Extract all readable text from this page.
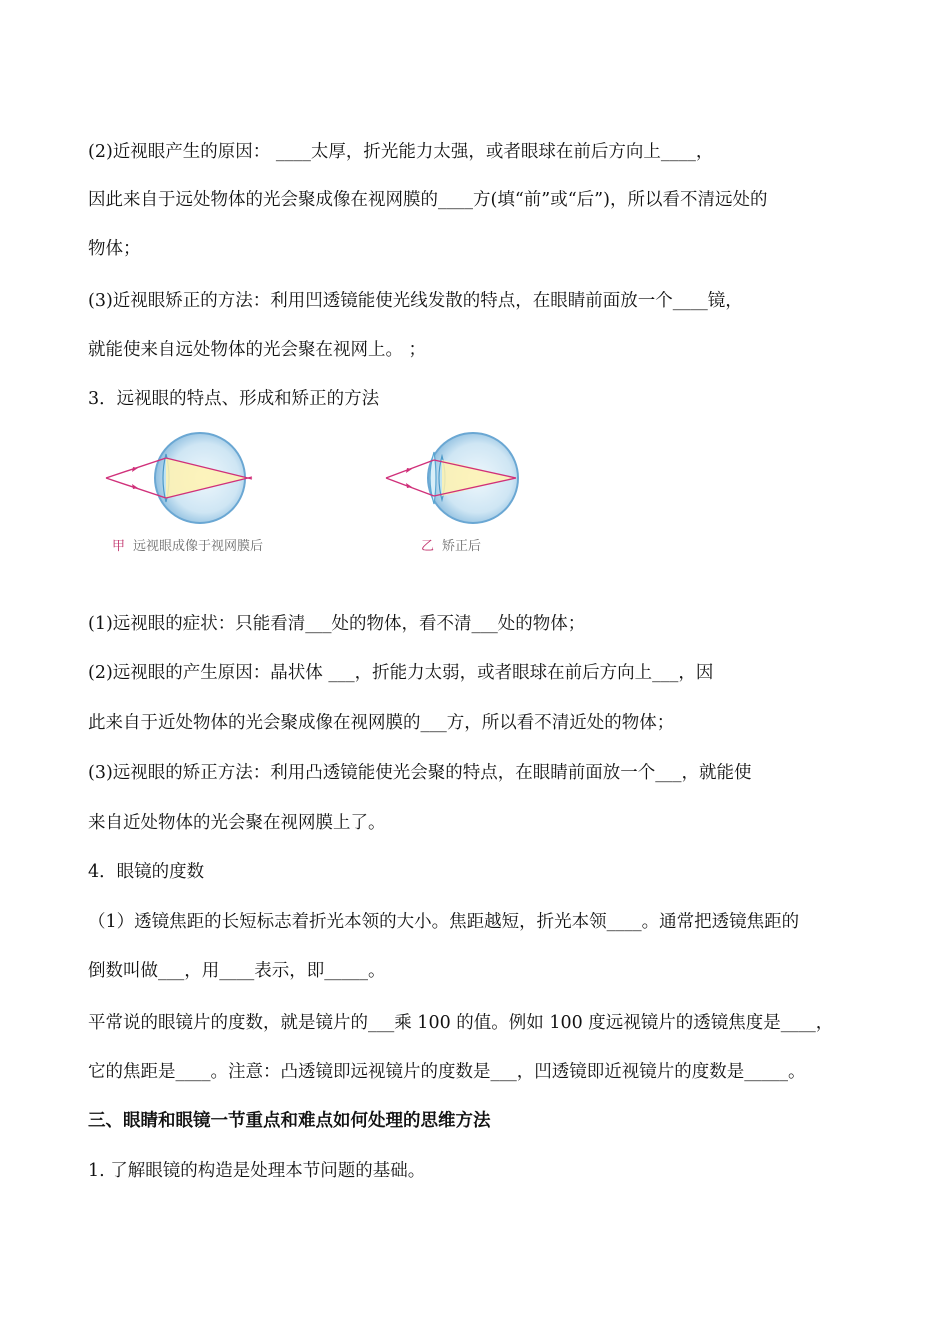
(2)近视眼产生的原因： ____太厚，折光能力太强，或者眼球在前后方向上____，
因此来自于远处物体的光会聚成像在视网膜的____方(填“前”或“后”)，所以看不清远处的
物体；
(3)近视眼矫正的方法：利用凹透镜能使光线发散的特点，在眼睛前面放一个____镜，
就能使来自远处物体的光会聚在视网上。 ；
3．远视眼的特点、形成和矫正的方法
甲 远视眼成像于视网膜后	乙 矫正后
(1)远视眼的症状：只能看清___处的物体，看不清___处的物体；
(2)远视眼的产生原因：晶状体 ___，折能力太弱，或者眼球在前后方向上___，因
此来自于近处物体的光会聚成像在视网膜的___方，所以看不清近处的物体；
(3)远视眼的矫正方法：利用凸透镜能使光会聚的特点，在眼睛前面放一个___，就能使
来自近处物体的光会聚在视网膜上了。
4．眼镜的度数
（1）透镜焦距的长短标志着折光本领的大小。焦距越短，折光本领____。通常把透镜焦距的
倒数叫做___，用____表示，即_____。
平常说的眼镜片的度数，就是镜片的___乘 100 的值。例如 100 度远视镜片的透镜焦度是____，
它的焦距是____。注意：凸透镜即远视镜片的度数是___，凹透镜即近视镜片的度数是_____。
三、眼睛和眼镜一节重点和难点如何处理的思维方法
1. 了解眼镜的构造是处理本节问题的基础。
